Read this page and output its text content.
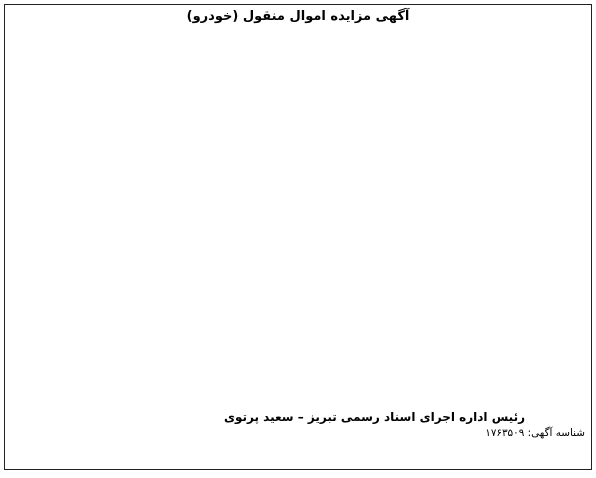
آگهی مزایده اموال منقول (خودرو)
رئیس اداره اجرای اسناد رسمی تبریز – سعید پرتوی
شناسه آگهی: ۱۷۶۳۵۰۹
